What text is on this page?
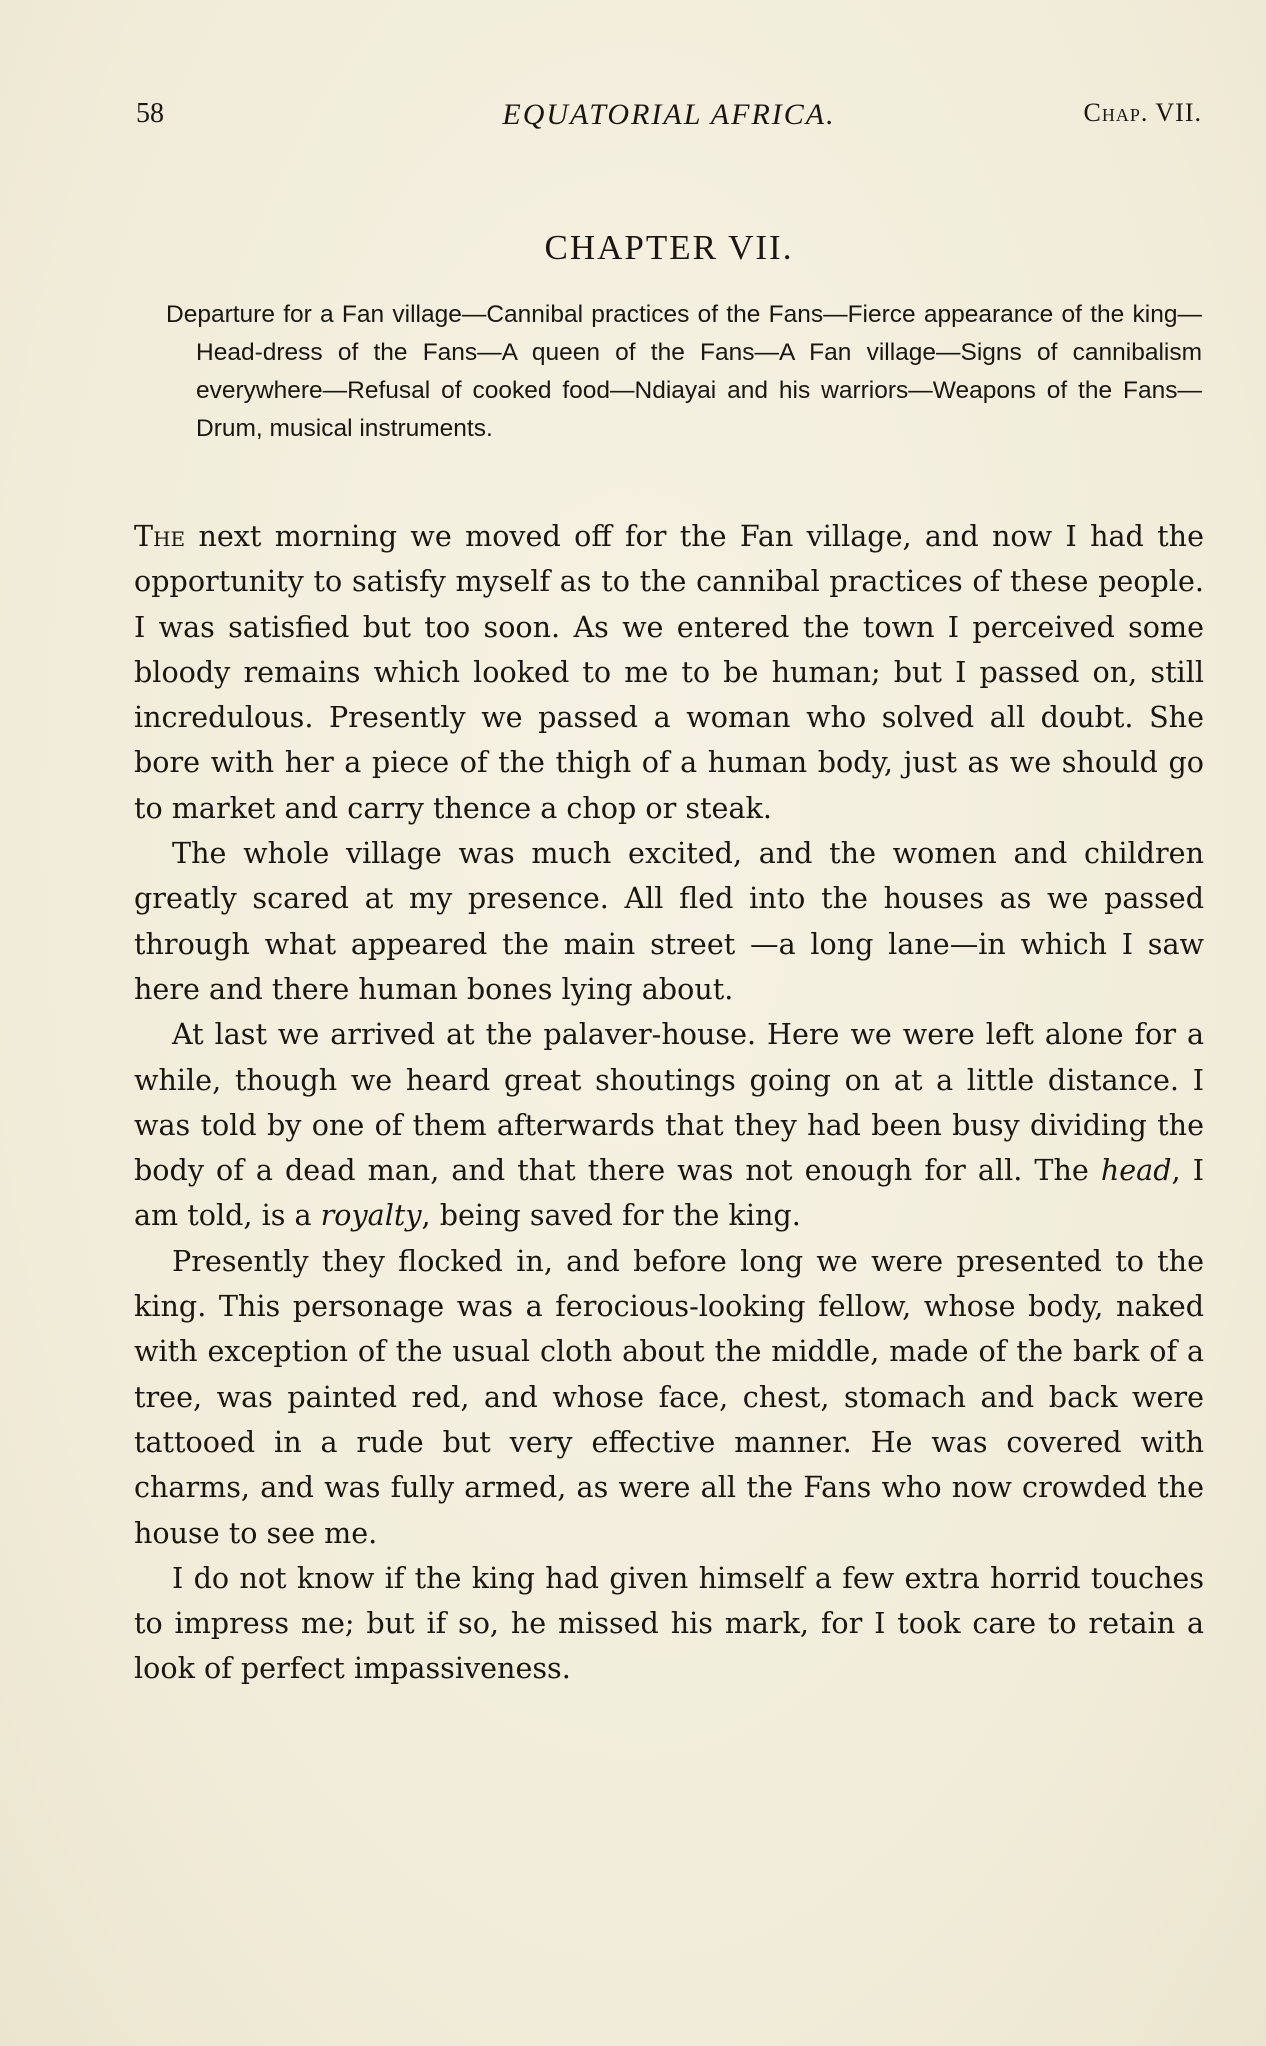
58	EQUATORIAL AFRICA.	Chap. VII.
CHAPTER VII.
Departure for a Fan village—Cannibal practices of the Fans—Fierce appearance of the king—Head-dress of the Fans—A queen of the Fans—A Fan village—Signs of cannibalism everywhere—Refusal of cooked food—Ndiayai and his warriors—Weapons of the Fans—Drum, musical instruments.

The next morning we moved off for the Fan village, and now I had the opportunity to satisfy myself as to the cannibal practices of these people. I was satisfied but too soon. As we entered the town I perceived some bloody remains which looked to me to be human; but I passed on, still incredulous. Presently we passed a woman who solved all doubt. She bore with her a piece of the thigh of a human body, just as we should go to market and carry thence a chop or steak.

The whole village was much excited, and the women and children greatly scared at my presence. All fled into the houses as we passed through what appeared the main street —a long lane—in which I saw here and there human bones lying about.

At last we arrived at the palaver-house. Here we were left alone for a while, though we heard great shoutings going on at a little distance. I was told by one of them afterwards that they had been busy dividing the body of a dead man, and that there was not enough for all. The head, I am told, is a royalty, being saved for the king.

Presently they flocked in, and before long we were presented to the king. This personage was a ferocious-looking fellow, whose body, naked with exception of the usual cloth about the middle, made of the bark of a tree, was painted red, and whose face, chest, stomach and back were tattooed in a rude but very effective manner. He was covered with charms, and was fully armed, as were all the Fans who now crowded the house to see me.

I do not know if the king had given himself a few extra horrid touches to impress me; but if so, he missed his mark, for I took care to retain a look of perfect impassiveness.
